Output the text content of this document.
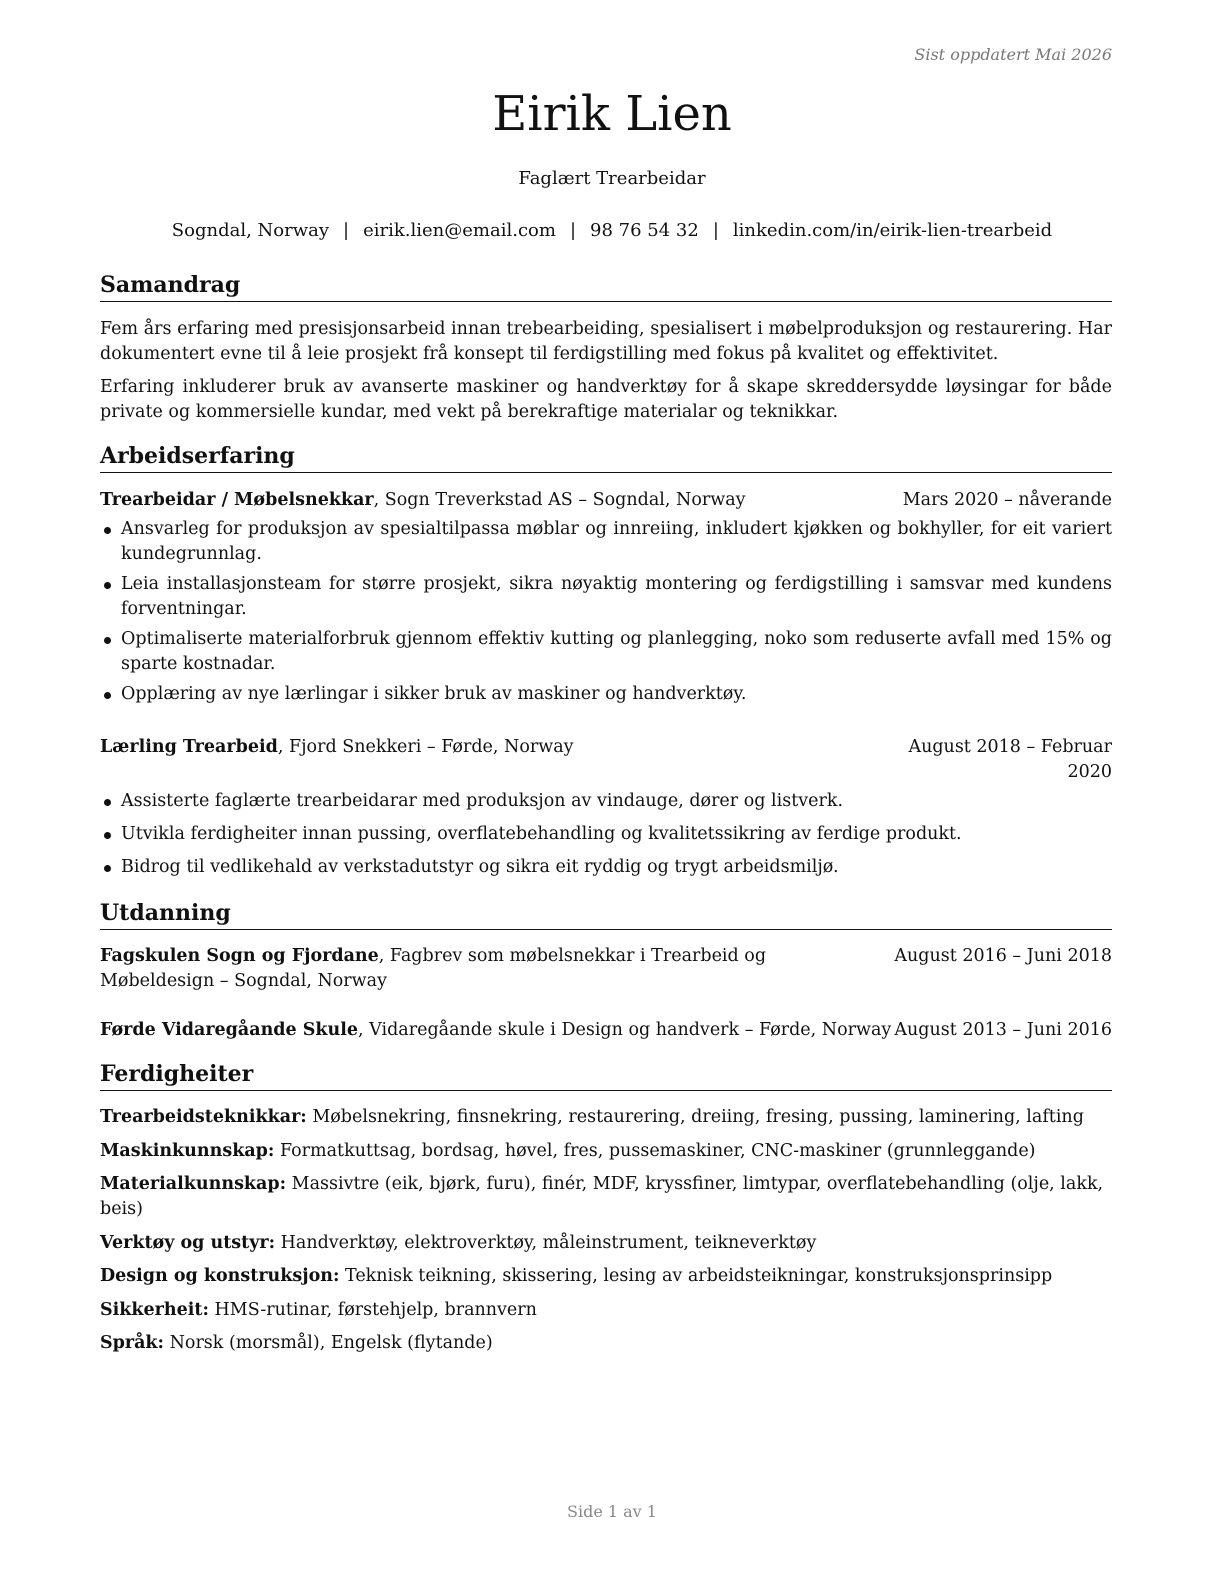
Sist oppdatert Mai 2026
Eirik Lien
Faglært Trearbeidar
Sogndal, Norway | eirik.lien@email.com | 98 76 54 32 | linkedin.com/in/eirik-lien-trearbeid
Samandrag

Fem års erfaring med presisjonsarbeid innan trebearbeiding, spesialisert i møbelproduksjon og restaurering. Har dokumentert evne til å leie prosjekt frå konsept til ferdigstilling med fokus på kvalitet og effektivitet.

Erfaring inkluderer bruk av avanserte maskiner og handverktøy for å skape skreddersydde løysingar for både private og kommersielle kundar, med vekt på berekraftige materialar og teknikkar.

Arbeidserfaring
Trearbeidar / Møbelsnekkar, Sogn Treverkstad AS – Sogndal, Norway	Mars 2020 – nåverande
Ansvarleg for produksjon av spesialtilpassa møblar og innreiing, inkludert kjøkken og bokhyller, for eit variert kundegrunnlag.
Leia installasjonsteam for større prosjekt, sikra nøyaktig montering og ferdigstilling i samsvar med kundens forventningar.
Optimaliserte materialforbruk gjennom effektiv kutting og planlegging, noko som reduserte avfall med 15% og sparte kostnadar.
Opplæring av nye lærlingar i sikker bruk av maskiner og handverktøy.
Lærling Trearbeid, Fjord Snekkeri – Førde, Norway	August 2018 – Februar 2020
Assisterte faglærte trearbeidarar med produksjon av vindauge, dører og listverk.
Utvikla ferdigheiter innan pussing, overflatebehandling og kvalitetssikring av ferdige produkt.
Bidrog til vedlikehald av verkstadutstyr og sikra eit ryddig og trygt arbeidsmiljø.
Utdanning
Fagskulen Sogn og Fjordane, Fagbrev som møbelsnekkar i Trearbeid og Møbeldesign – Sogndal, Norway
August 2016 – Juni 2018
Førde Vidaregåande Skule, Vidaregåande skule i Design og handverk – Førde, Norway August 2013 – Juni 2016
Ferdigheiter

Trearbeidsteknikkar: Møbelsnekring, finsnekring, restaurering, dreiing, fresing, pussing, laminering, lafting

Maskinkunnskap: Formatkuttsag, bordsag, høvel, fres, pussemaskiner, CNC-maskiner (grunnleggande)

Materialkunnskap: Massivtre (eik, bjørk, furu), finér, MDF, kryssfiner, limtypar, overflatebehandling (olje, lakk, beis)

Verktøy og utstyr: Handverktøy, elektroverktøy, måleinstrument, teikneverktøy

Design og konstruksjon: Teknisk teikning, skissering, lesing av arbeidsteikningar, konstruksjonsprinsipp

Sikkerheit: HMS-rutinar, førstehjelp, brannvern

Språk: Norsk (morsmål), Engelsk (flytande)

Side 1 av 1
